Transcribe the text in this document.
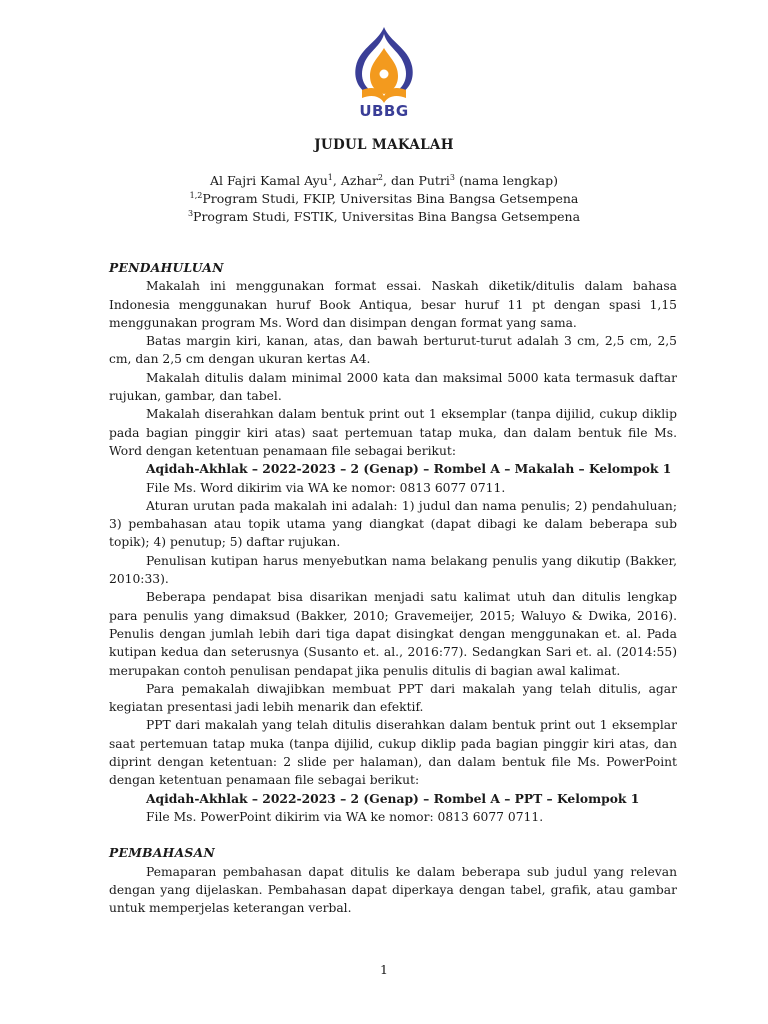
UBBG
JUDUL MAKALAH
Al Fajri Kamal Ayu$^1$, Azhar$^2$, dan Putri$^3$ (nama lengkap)
$^{1,2}$Program Studi, FKIP, Universitas Bina Bangsa Getsempena
$^3$Program Studi, FSTIK, Universitas Bina Bangsa Getsempena

PENDAHULUAN

Makalah ini menggunakan format essai. Naskah diketik/ditulis dalam bahasa Indonesia menggunakan huruf Book Antiqua, besar huruf 11 pt dengan spasi 1,15 menggunakan program Ms. Word dan disimpan dengan format yang sama.

Batas margin kiri, kanan, atas, dan bawah berturut-turut adalah 3 cm, 2,5 cm, 2,5 cm, dan 2,5 cm dengan ukuran kertas A4.

Makalah ditulis dalam minimal 2000 kata dan maksimal 5000 kata termasuk daftar rujukan, gambar, dan tabel.

Makalah diserahkan dalam bentuk print out 1 eksemplar (tanpa dijilid, cukup diklip pada bagian pinggir kiri atas) saat pertemuan tatap muka, dan dalam bentuk file Ms. Word dengan ketentuan penamaan file sebagai berikut:

Aqidah-Akhlak – 2022-2023 – 2 (Genap) – Rombel A – Makalah – Kelompok 1

File Ms. Word dikirim via WA ke nomor: 0813 6077 0711.

Aturan urutan pada makalah ini adalah: 1) judul dan nama penulis; 2) pendahuluan; 3) pembahasan atau topik utama yang diangkat (dapat dibagi ke dalam beberapa sub topik); 4) penutup; 5) daftar rujukan.

Penulisan kutipan harus menyebutkan nama belakang penulis yang dikutip (Bakker, 2010:33).

Beberapa pendapat bisa disarikan menjadi satu kalimat utuh dan ditulis lengkap para penulis yang dimaksud (Bakker, 2010; Gravemeijer, 2015; Waluyo & Dwika, 2016). Penulis dengan jumlah lebih dari tiga dapat disingkat dengan menggunakan et. al. Pada kutipan kedua dan seterusnya (Susanto et. al., 2016:77). Sedangkan Sari et. al. (2014:55) merupakan contoh penulisan pendapat jika penulis ditulis di bagian awal kalimat.

Para pemakalah diwajibkan membuat PPT dari makalah yang telah ditulis, agar kegiatan presentasi jadi lebih menarik dan efektif.

PPT dari makalah yang telah ditulis diserahkan dalam bentuk print out 1 eksemplar saat pertemuan tatap muka (tanpa dijilid, cukup diklip pada bagian pinggir kiri atas, dan diprint dengan ketentuan: 2 slide per halaman), dan dalam bentuk file Ms. PowerPoint dengan ketentuan penamaan file sebagai berikut:

Aqidah-Akhlak – 2022-2023 – 2 (Genap) – Rombel A – PPT – Kelompok 1

File Ms. PowerPoint dikirim via WA ke nomor: 0813 6077 0711.

PEMBAHASAN

Pemaparan pembahasan dapat ditulis ke dalam beberapa sub judul yang relevan dengan yang dijelaskan. Pembahasan dapat diperkaya dengan tabel, grafik, atau gambar untuk memperjelas keterangan verbal.

1
